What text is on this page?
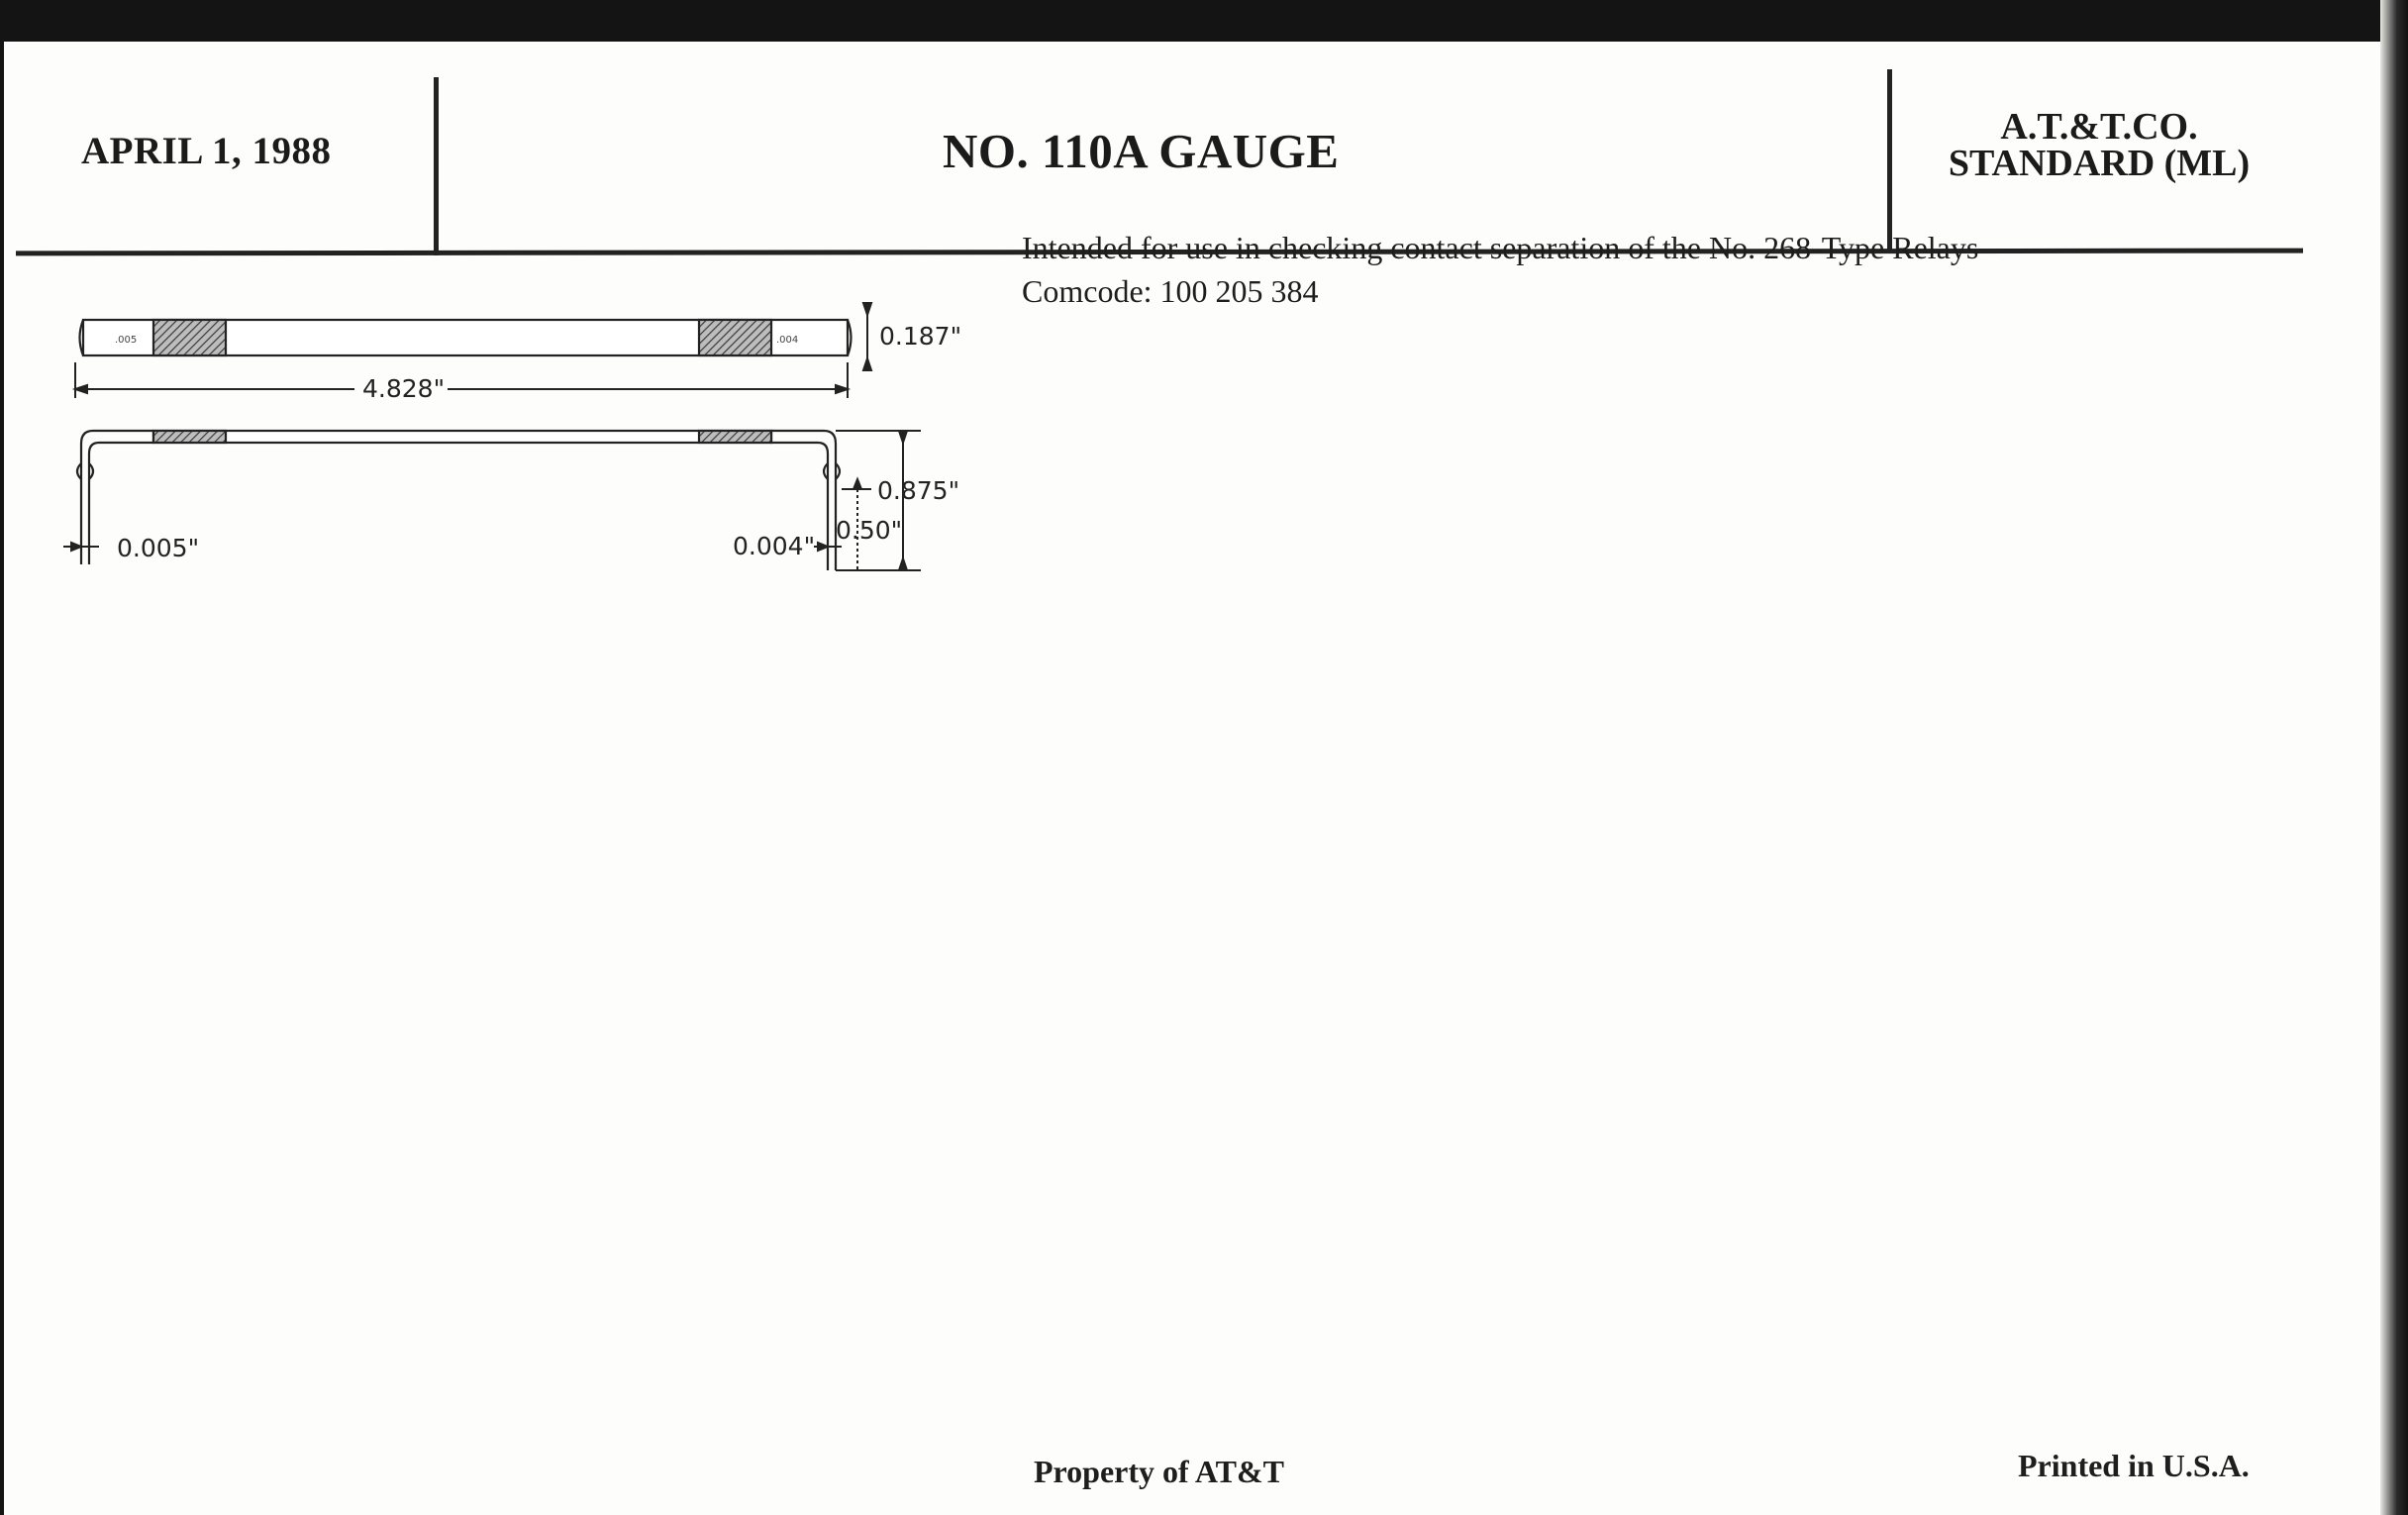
APRIL 1, 1988	NO. 110A GAUGE	A.T.&T.CO.
STANDARD (ML)
.005	.004	0.187"
4.828"
0.875"
0.50"
0.005"	0.004"
Intended for use in checking contact separation of the No. 268-Type Relays
Comcode: 100 205 384
Property of AT&T	Printed in U.S.A.
